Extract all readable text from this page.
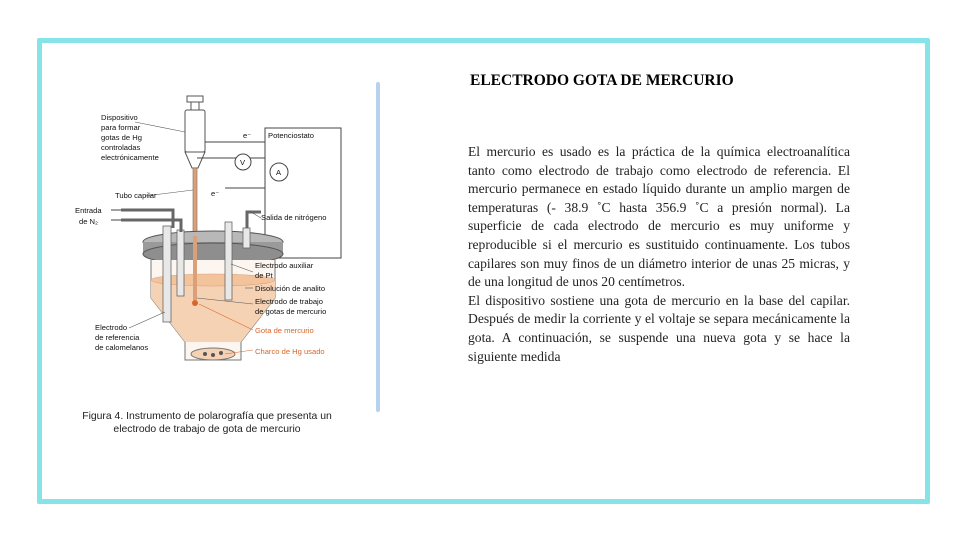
ELECTRODO GOTA DE MERCURIO

El mercurio es usado es la práctica de la química electroanalítica tanto como electrodo de trabajo como electrodo de referencia. El mercurio permanece en estado líquido durante un amplio margen de temperaturas (- 38.9 ˚C hasta 356.9 ˚C a presión normal). La superficie de cada electrodo de mercurio es muy uniforme y reproducible si el mercurio es sustituido continuamente. Los tubos capilares son muy finos de un diámetro interior de unas 25 micras, y de una longitud de unos 20 centímetros.

El dispositivo sostiene una gota de mercurio en la base del capilar. Después de medir la corriente y el voltaje se separa mecánicamente la gota. A continuación, se suspende una nueva gota y se hace la siguiente medida

Potenciostato
e⁻
V
A
e⁻
Dispositivo
para formar
gotas de Hg
controladas
electrónicamente
Tubo capilar
Entrada
de N₂	Salida de nitrógeno
Electrodo auxiliar
de Pt
Disolución de analito
Electrodo de trabajo
de gotas de mercurio
Electrodo
de referencia
de calomelanos
Gota de mercurio
Charco de Hg usado
Figura 4. Instrumento de polarografía que presenta un electrodo de trabajo de gota de mercurio
